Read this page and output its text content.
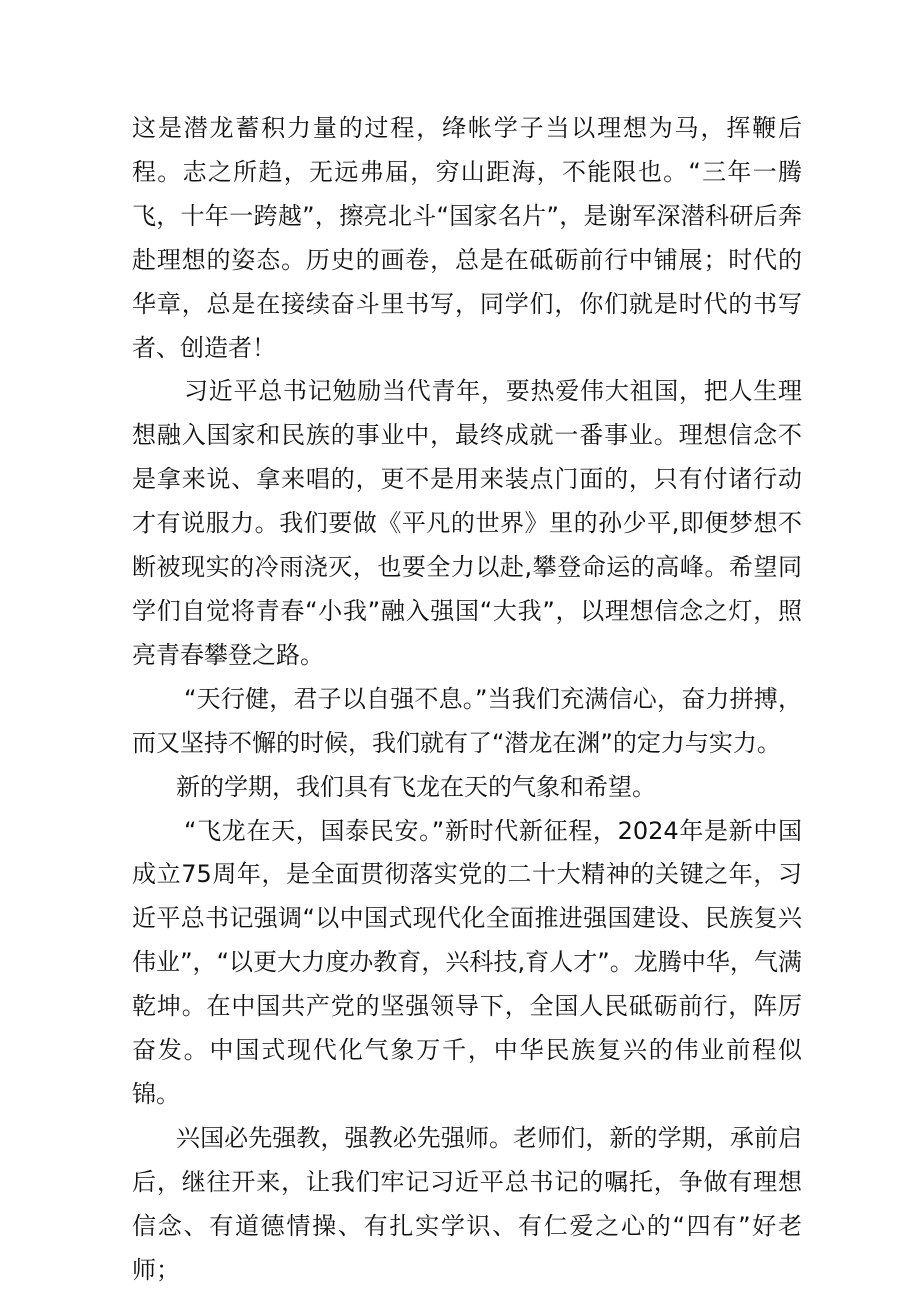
这是潜龙蓄积力量的过程，绛帐学子当以理想为马，挥鞭后程。志之所趋，无远弗届，穷山距海，不能限也。“三年一腾飞，十年一跨越”，擦亮北斗“国家名片”，是谢军深潜科研后奔赴理想的姿态。历史的画卷，总是在砥砺前行中铺展；时代的华章，总是在接续奋斗里书写，同学们，你们就是时代的书写者、创造者！

习近平总书记勉励当代青年，要热爱伟大祖国，把人生理想融入国家和民族的事业中，最终成就一番事业。理想信念不是拿来说、拿来唱的，更不是用来装点门面的，只有付诸行动才有说服力。我们要做《平凡的世界》里的孙少平,即便梦想不断被现实的冷雨浇灭，也要全力以赴,攀登命运的高峰。希望同学们自觉将青春“小我”融入强国“大我”，以理想信念之灯，照亮青春攀登之路。

“天行健，君子以自强不息。”当我们充满信心，奋力拼搏，而又坚持不懈的时候，我们就有了“潜龙在渊”的定力与实力。

新的学期，我们具有飞龙在天的气象和希望。

“飞龙在天，国泰民安。”新时代新征程，2024年是新中国成立75周年，是全面贯彻落实党的二十大精神的关键之年，习近平总书记强调“以中国式现代化全面推进强国建设、民族复兴伟业”，“以更大力度办教育，兴科技,育人才”。龙腾中华，气满乾坤。在中国共产党的坚强领导下，全国人民砥砺前行，阵厉奋发。中国式现代化气象万千，中华民族复兴的伟业前程似锦。

兴国必先强教，强教必先强师。老师们，新的学期，承前启后，继往开来，让我们牢记习近平总书记的嘱托，争做有理想信念、有道德情操、有扎实学识、有仁爱之心的“四有”好老师；
